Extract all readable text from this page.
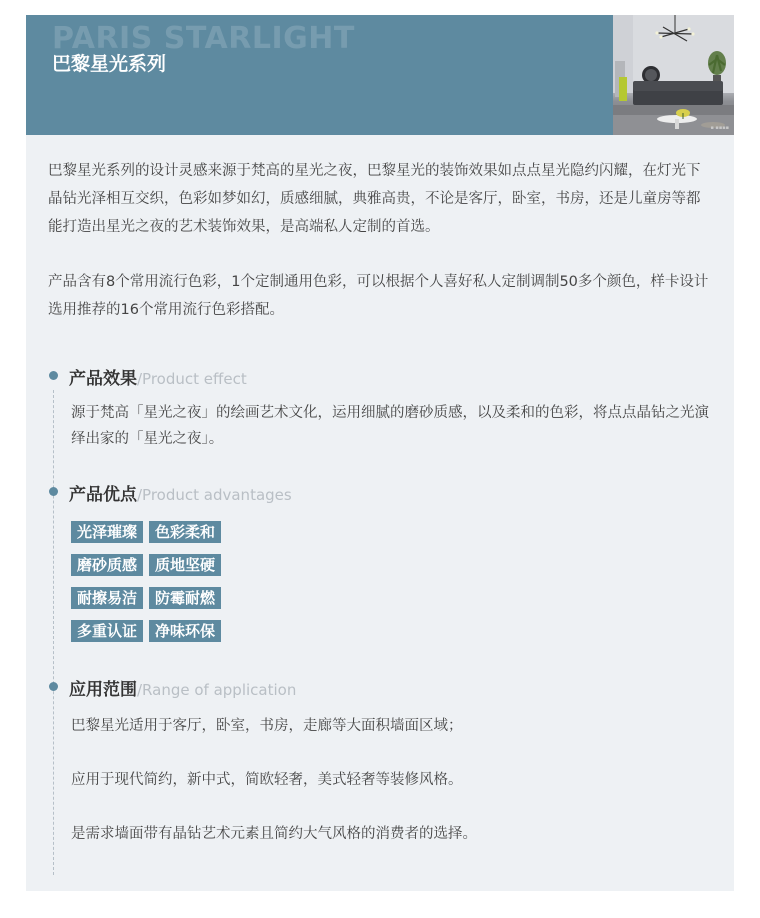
PARIS STARLIGHT
巴黎星光系列
▪ ▪▪▪▪

巴黎星光系列的设计灵感来源于梵高的星光之夜，巴黎星光的装饰效果如点点星光隐约闪耀，在灯光下晶钻光泽相互交织，色彩如梦如幻，质感细腻，典雅高贵，不论是客厅，卧室，书房，还是儿童房等都能打造出星光之夜的艺术装饰效果，是高端私人定制的首选。

产品含有8个常用流行色彩，1个定制通用色彩，可以根据个人喜好私人定制调制50多个颜色，样卡设计选用推荐的16个常用流行色彩搭配。

产品效果/Product effect

源于梵高「星光之夜」的绘画艺术文化，运用细腻的磨砂质感，以及柔和的色彩，将点点晶钻之光演绎出家的「星光之夜」。

产品优点/Product advantages
光泽璀璨 色彩柔和
磨砂质感 质地坚硬
耐擦易洁 防霉耐燃
多重认证 净味环保
应用范围/Range of application

巴黎星光适用于客厅，卧室，书房，走廊等大面积墙面区域；

应用于现代简约，新中式，简欧轻奢，美式轻奢等装修风格。

是需求墙面带有晶钻艺术元素且简约大气风格的消费者的选择。
